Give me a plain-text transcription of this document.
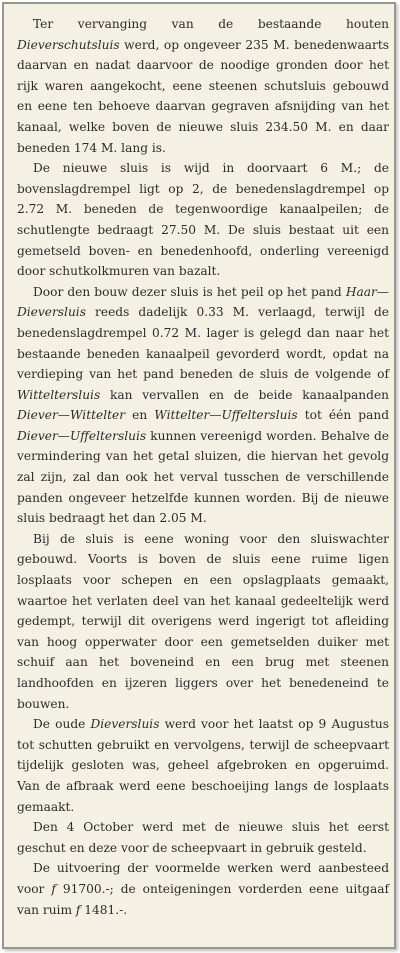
Ter vervanging van de bestaande houten Dieverschutsluis werd, op ongeveer 235 M. benedenwaarts daarvan en nadat daarvoor de noodige gronden door het rijk waren aangekocht, eene steenen schutsluis gebouwd en eene ten behoeve daarvan gegraven afsnijding van het kanaal, welke boven de nieuwe sluis 234.50 M. en daar beneden 174 M. lang is.

De nieuwe sluis is wijd in doorvaart 6 M.; de bovenslagdrempel ligt op 2, de benedenslagdrempel op 2.72 M. beneden de tegenwoordige kanaalpeilen; de schutlengte bedraagt 27.50 M. De sluis bestaat uit een gemetseld boven- en benedenhoofd, onderling vereenigd door schutkolkmuren van bazalt.

Door den bouw dezer sluis is het peil op het pand Haar—Dieversluis reeds dadelijk 0.33 M. verlaagd, terwijl de benedenslagdrempel 0.72 M. lager is gelegd dan naar het bestaande beneden kanaalpeil gevorderd wordt, opdat na verdieping van het pand beneden de sluis de volgende of Witteltersluis kan vervallen en de beide kanaalpanden Diever—Wittelter en Wittelter—Uffeltersluis tot één pand Diever—Uffeltersluis kunnen vereenigd worden. Behalve de vermindering van het getal sluizen, die hiervan het gevolg zal zijn, zal dan ook het verval tusschen de verschillende panden ongeveer hetzelfde kunnen worden. Bij de nieuwe sluis bedraagt het dan 2.05 M.

Bij de sluis is eene woning voor den sluiswachter gebouwd. Voorts is boven de sluis eene ruime ligen losplaats voor schepen en een opslagplaats gemaakt, waartoe het verlaten deel van het kanaal gedeeltelijk werd gedempt, terwijl dit overigens werd ingerigt tot afleiding van hoog opperwater door een gemetselden duiker met schuif aan het boveneind en een brug met steenen landhoofden en ijzeren liggers over het benedeneind te bouwen.

De oude Dieversluis werd voor het laatst op 9 Augustus tot schutten gebruikt en vervolgens, terwijl de scheepvaart tijdelijk gesloten was, geheel afgebroken en opgeruimd. Van de afbraak werd eene beschoeijing langs de losplaats gemaakt.

Den 4 October werd met de nieuwe sluis het eerst geschut en deze voor de scheepvaart in gebruik gesteld.

De uitvoering der voormelde werken werd aanbesteed voor f 91700.-; de onteigeningen vorderden eene uitgaaf van ruim f 1481.-.
